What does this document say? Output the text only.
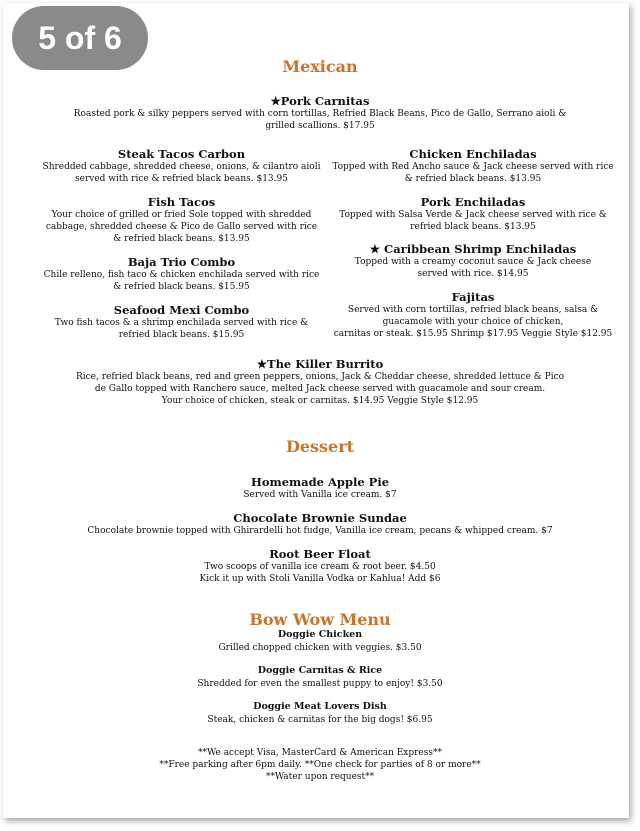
5 of 6
Mexican
★Pork Carnitas
Roasted pork & silky peppers served with corn tortillas, Refried Black Beans, Pico de Gallo, Serrano aioli &
grilled scallions. $17.95
Steak Tacos Carbon
Shredded cabbage, shredded cheese, onions, & cilantro aioli
served with rice & refried black beans. $13.95
Fish Tacos
Your choice of grilled or fried Sole topped with shredded
cabbage, shredded cheese & Pico de Gallo served with rice
& refried black beans. $13.95
Baja Trio Combo
Chile relleno, fish taco & chicken enchilada served with rice
& refried black beans. $15.95
Seafood Mexi Combo
Two fish tacos & a shrimp enchilada served with rice &
refried black beans. $15.95
Chicken Enchiladas
Topped with Red Ancho sauce & Jack cheese served with rice
& refried black beans. $13.95
Pork Enchiladas
Topped with Salsa Verde & Jack cheese served with rice &
refried black beans. $13.95
★ Caribbean Shrimp Enchiladas
Topped with a creamy coconut sauce & Jack cheese
served with rice. $14.95
Fajitas
Served with corn tortillas, refried black beans, salsa &
guacamole with your choice of chicken,
carnitas or steak. $15.95 Shrimp $17.95 Veggie Style $12.95
★The Killer Burrito
Rice, refried black beans, red and green peppers, onions, Jack & Cheddar cheese, shredded lettuce & Pico
de Gallo topped with Ranchero sauce, melted Jack cheese served with guacamole and sour cream.
Your choice of chicken, steak or carnitas. $14.95 Veggie Style $12.95
Dessert
Homemade Apple Pie
Served with Vanilla ice cream. $7
Chocolate Brownie Sundae
Chocolate brownie topped with Ghirardelli hot fudge, Vanilla ice cream, pecans & whipped cream. $7
Root Beer Float
Two scoops of vanilla ice cream & root beer. $4.50
Kick it up with Stoli Vanilla Vodka or Kahlua! Add $6
Bow Wow Menu
Doggie Chicken
Grilled chopped chicken with veggies. $3.50
Doggie Carnitas & Rice
Shredded for even the smallest puppy to enjoy! $3.50
Doggie Meat Lovers Dish
Steak, chicken & carnitas for the big dogs! $6.95
**We accept Visa, MasterCard & American Express**
**Free parking after 6pm daily. **One check for parties of 8 or more**
**Water upon request**
